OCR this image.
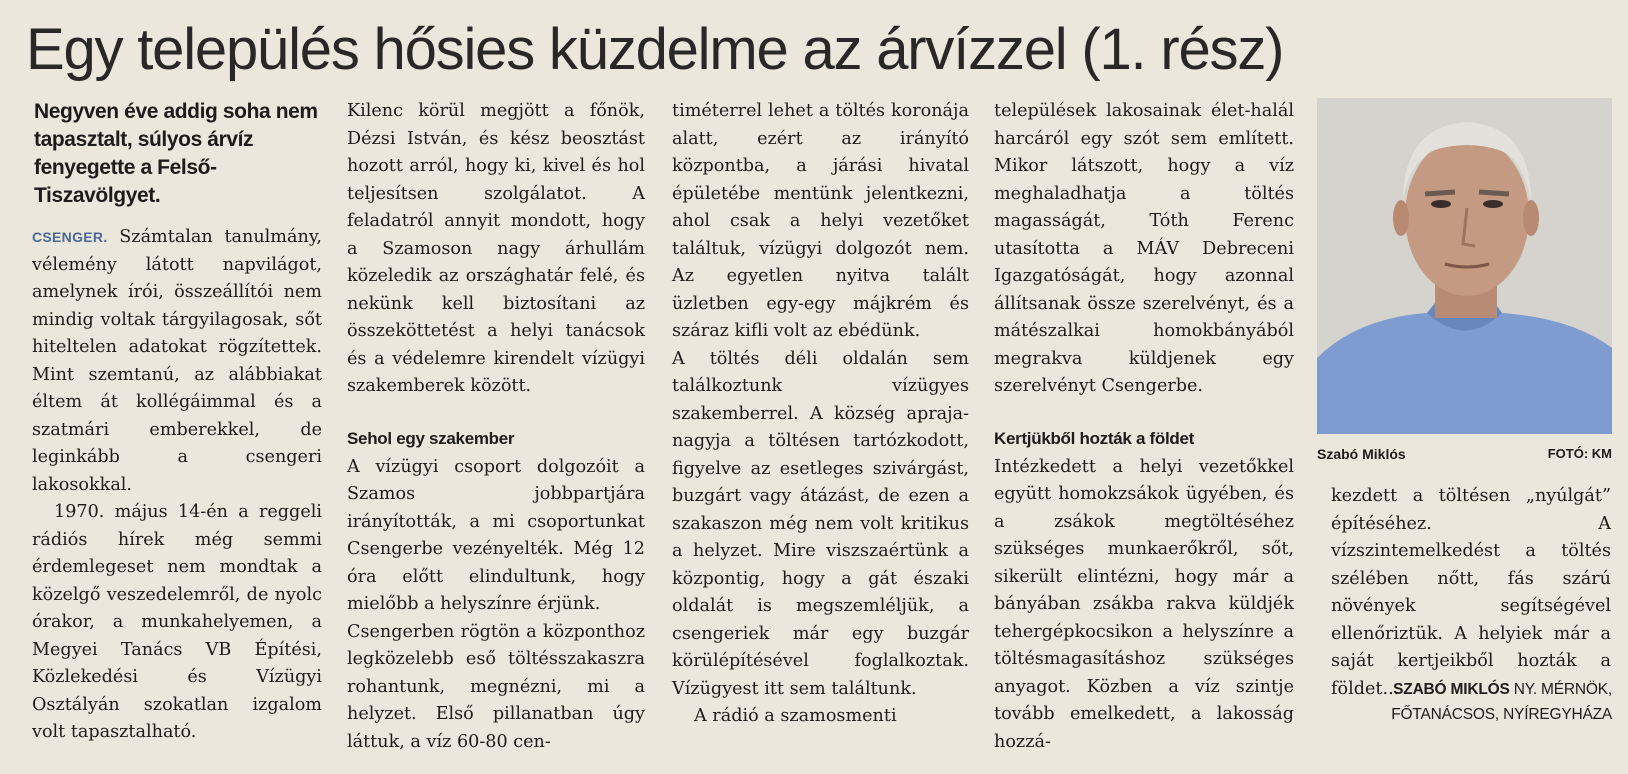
Egy település hősies küzdelme az árvízzel (1. rész)
Negyven éve addig soha nem tapasztalt, súlyos árvíz fenyegette a Felső-Tiszavölgyet.

CSENGER. Számtalan tanulmány, vélemény látott napvilágot, amelynek írói, összeállítói nem mindig voltak tárgyilagosak, sőt hiteltelen adatokat rögzítettek. Mint szemtanú, az alábbiakat éltem át kollégáimmal és a szatmári emberekkel, de leginkább a csengeri lakosokkal.

1970. május 14-én a reggeli rádiós hírek még semmi érdemlegeset nem mondtak a közelgő veszedelemről, de nyolc órakor, a munkahelyemen, a Megyei Tanács VB Építési, Közlekedési és Vízügyi Osztályán szokatlan izgalom volt tapasztalható.

Kilenc körül megjött a főnök, Dézsi István, és kész beosztást hozott arról, hogy ki, kivel és hol teljesítsen szolgálatot. A feladatról annyit mondott, hogy a Szamoson nagy árhullám közeledik az országhatár felé, és nekünk kell biztosítani az összeköttetést a helyi tanácsok és a védelemre kirendelt vízügyi szakemberek között.

Sehol egy szakember

A vízügyi csoport dolgozóit a Szamos jobbpartjára irányították, a mi csoportunkat Csengerbe vezényelték. Még 12 óra előtt elindultunk, hogy mielőbb a helyszínre érjünk.

Csengerben rögtön a központhoz legközelebb eső töltésszakaszra rohantunk, megnézni, mi a helyzet. Első pillanatban úgy láttuk, a víz 60-80 cen-

timéterrel lehet a töltés koronája alatt, ezért az irányító központba, a járási hivatal épületébe mentünk jelentkezni, ahol csak a helyi vezetőket találtuk, vízügyi dolgozót nem. Az egyetlen nyitva talált üzletben egy-egy májkrém és száraz kifli volt az ebédünk.

A töltés déli oldalán sem találkoztunk vízügyes szakemberrel. A község apraja-nagyja a töltésen tartózkodott, figyelve az esetleges szivárgást, buzgárt vagy átázást, de ezen a szakaszon még nem volt kritikus a helyzet. Mire viszszaértünk a központig, hogy a gát északi oldalát is megszemléljük, a csengeriek már egy buzgár körülépítésével foglalkoztak. Vízügyest itt sem találtunk.

A rádió a szamosmenti

települések lakosainak élet-halál harcáról egy szót sem említett. Mikor látszott, hogy a víz meghaladhatja a töltés magasságát, Tóth Ferenc utasította a MÁV Debreceni Igazgatóságát, hogy azonnal állítsanak össze szerelvényt, és a mátészalkai homokbányából megrakva küldjenek egy szerelvényt Csengerbe.

Kertjükből hozták a földet

Intézkedett a helyi vezetőkkel együtt homokzsákok ügyében, és a zsákok megtöltéséhez szükséges munkaerőkről, sőt, sikerült elintézni, hogy már a bányában zsákba rakva küldjék tehergépkocsikon a helyszínre a töltésmagasításhoz szükséges anyagot. Közben a víz szintje tovább emelkedett, a lakosság hozzá-

Szabó Miklós	FOTÓ: KM

kezdett a töltésen „nyúlgát” építéséhez. A vízszintemelkedést a töltés szélében nőtt, fás szárú növények segítségével ellenőriztük. A helyiek már a saját kertjeikből hozták a földet...

SZABÓ MIKLÓS NY. MÉRNÖK,
FŐTANÁCSOS, NYÍREGYHÁZA
